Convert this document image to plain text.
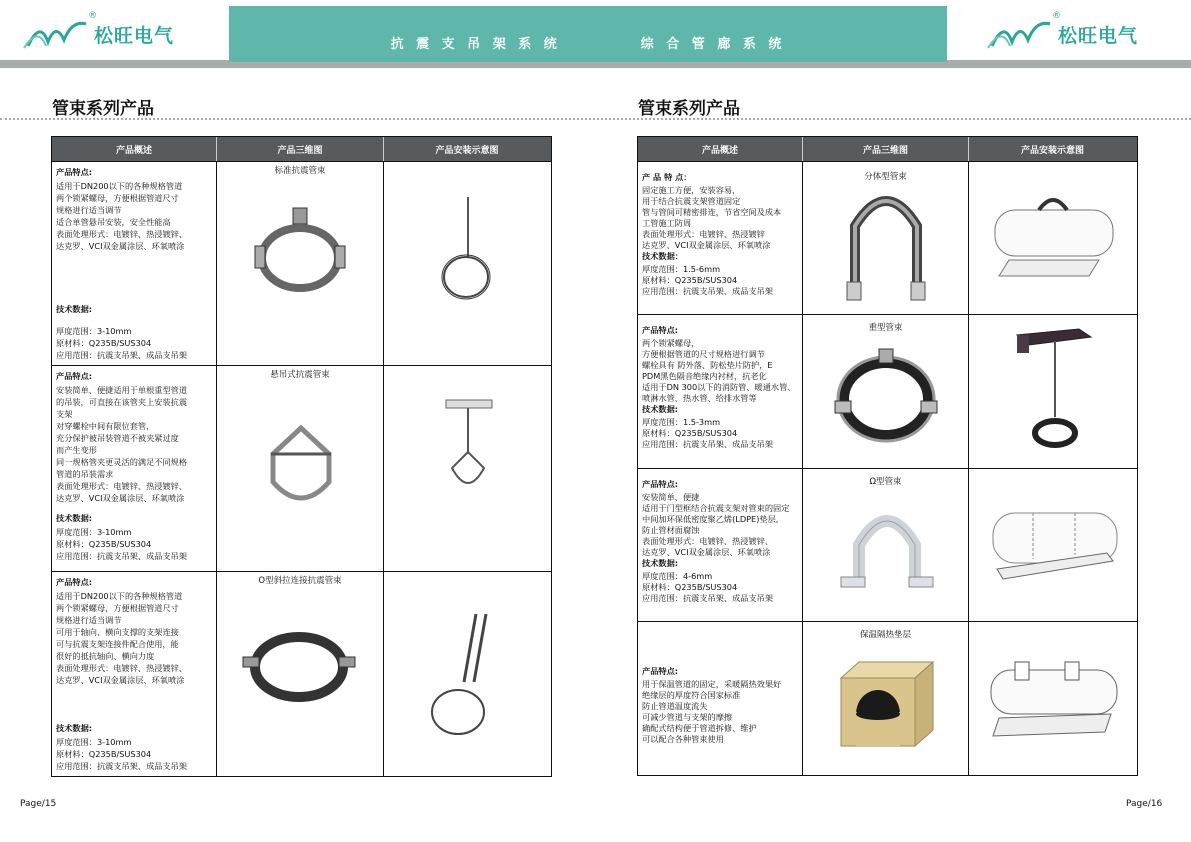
®
松旺电气	抗 震 支 吊 架 系 统	综 合 管 廊 系 统
®
松旺电气
管束系列产品
产品概述	产品三维图	产品安装示意图
产品特点:
适用于DN200以下的各种规格管道
两个锁紧螺母，方便根据管道尺寸
规格进行适当调节
适合单管悬吊安装，安全性能高
表面处理形式：电镀锌、热浸镀锌、
达克罗、VCI双金属涂层、环氧喷涂
技术数据:
厚度范围：3-10mm
原材料：Q235B/SUS304
应用范围：抗震支吊架、成品支吊架
标准抗震管束
产品特点:
安装简单、便捷适用于单根重型管道
的吊装，可直接在该管夹上安装抗震
支架
对穿螺栓中间有限位套管，
充分保护被吊装管道不被夹紧过度
而产生变形
同一规格管夹更灵活的满足不同规格
管道的吊装需求
表面处理形式：电镀锌、热浸镀锌、
达克罗、VCI双金属涂层、环氧喷涂
技术数据:
厚度范围：3-10mm
原材料：Q235B/SUS304
应用范围：抗震支吊架、成品支吊架
悬吊式抗震管束
产品特点:
适用于DN200以下的各种规格管道
两个锁紧螺母，方便根据管道尺寸
规格进行适当调节
可用于轴向、横向支撑的支架连接
可与抗震支架连接件配合使用，能
很好的抵抗轴向、横向力度
表面处理形式：电镀锌、热浸镀锌、
达克罗、VCI双金属涂层、环氧喷涂
技术数据:
厚度范围：3-10mm
原材料：Q235B/SUS304
应用范围：抗震支吊架、成品支吊架
O型斜拉连接抗震管束
Page/15
管束系列产品
产品概述	产品三维图	产品安装示意图
产 品 特 点：
固定施工方便，安装容易，
用于结合抗震支架管道固定
管与管间可精密排连，节省空间及成本
工管施工防周
表面处理形式：电镀锌、热浸镀锌
达克罗、VCI双金属涂层、环氧喷涂
技术数据：
厚度范围：1.5-6mm
原材料：Q235B/SUS304
应用范围：抗震支吊架、成品支吊架
分体型管束
产品特点:
两个锁紧螺母，
方便根据管道的尺寸规格进行调节
螺栓具有 防外落、防松垫片防护，E
PDM黑色隔音绝缘内衬材，抗老化
适用于DN 300以下的消防管、暖通水管、
喷淋水管、热水管、给排水管等
技术数据:
厚度范围：1.5-3mm
原材料：Q235B/SUS304
应用范围：抗震支吊架、成品支吊架
重型管束
产品特点:
安装简单、便捷
适用于门型框结合抗震支架对管束的固定
中间加环保低密度聚乙烯(LDPE)垫层,
防止管材面腐蚀
表面处理形式：电镀锌、热浸镀锌、
达克罗、VCI双金属涂层、环氧喷涂
技术数据:
厚度范围：4-6mm
原材料：Q235B/SUS304
应用范围：抗震支吊架、成品支吊架
Ω型管束
产品特点:
用于保温管道的固定，采暖隔热效果好
绝缘层的厚度符合国家标准
防止管道温度流失
可减少管道与支架的摩擦
确配式结构便于管道拆修、维护
可以配合各种管束使用
保温隔热垫层
Page/16
